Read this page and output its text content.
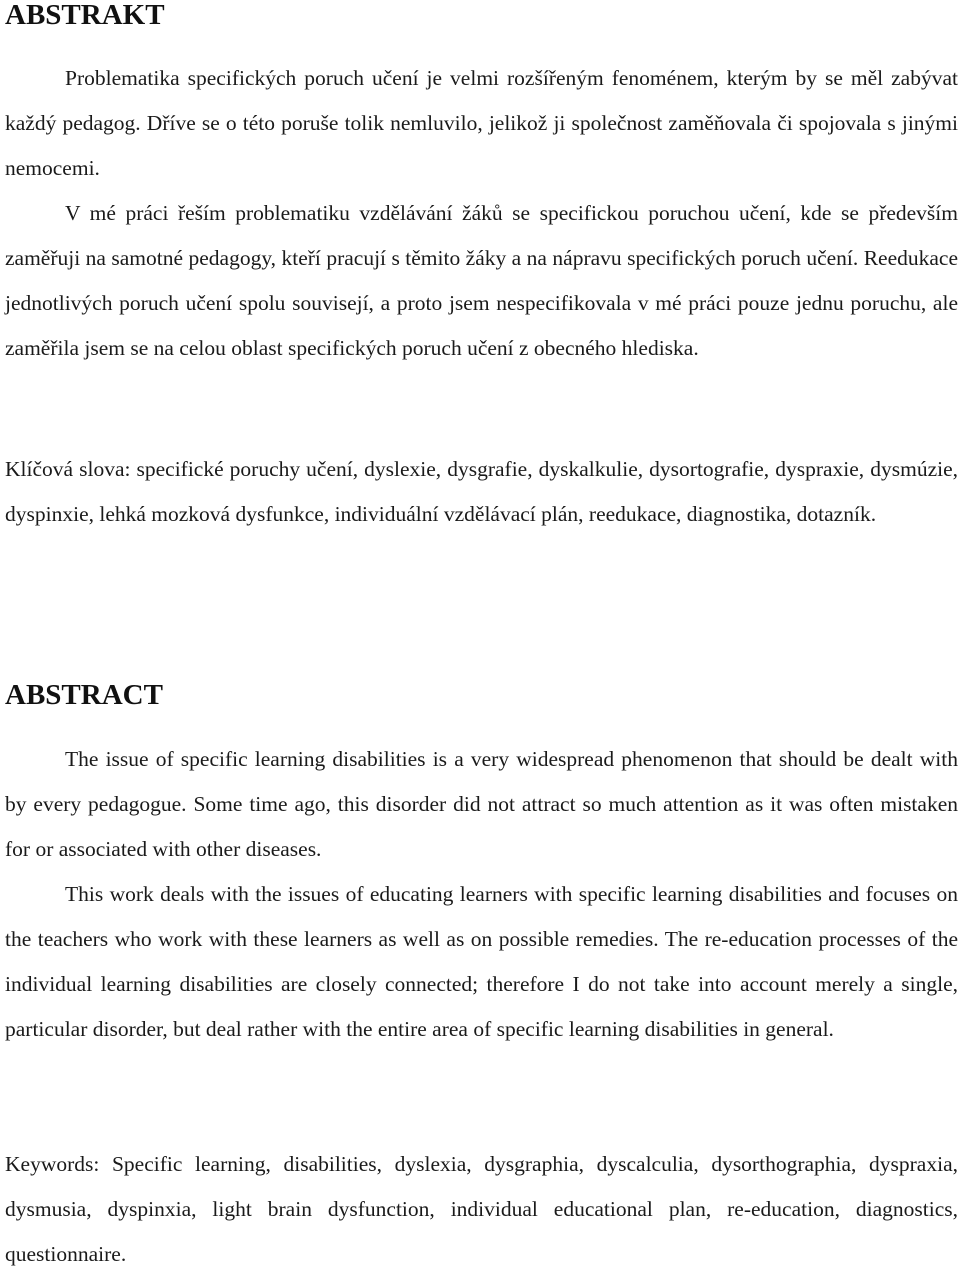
ABSTRAKT

Problematika specifických poruch učení je velmi rozšířeným fenoménem, kterým by se měl zabývat každý pedagog. Dříve se o této poruše tolik nemluvilo, jelikož ji společnost zaměňovala či spojovala s jinými nemocemi.

V mé práci řeším problematiku vzdělávání žáků se specifickou poruchou učení, kde se především zaměřuji na samotné pedagogy, kteří pracují s těmito žáky a na nápravu specifických poruch učení. Reedukace jednotlivých poruch učení spolu souvisejí, a proto jsem nespecifikovala v mé práci pouze jednu poruchu, ale zaměřila jsem se na celou oblast specifických poruch učení z obecného hlediska.

Klíčová slova: specifické poruchy učení, dyslexie, dysgrafie, dyskalkulie, dysortografie, dyspraxie, dysmúzie, dyspinxie, lehká mozková dysfunkce, individuální vzdělávací plán, reedukace, diagnostika, dotazník.

ABSTRACT

The issue of specific learning disabilities is a very widespread phenomenon that should be dealt with by every pedagogue. Some time ago, this disorder did not attract so much attention as it was often mistaken for or associated with other diseases.

This work deals with the issues of educating learners with specific learning disabilities and focuses on the teachers who work with these learners as well as on possible remedies. The re-education processes of the individual learning disabilities are closely connected; therefore I do not take into account merely a single, particular disorder, but deal rather with the entire area of specific learning disabilities in general.

Keywords: Specific learning, disabilities, dyslexia, dysgraphia, dyscalculia, dysorthographia, dyspraxia, dysmusia, dyspinxia, light brain dysfunction, individual educational plan, re-education, diagnostics, questionnaire.
